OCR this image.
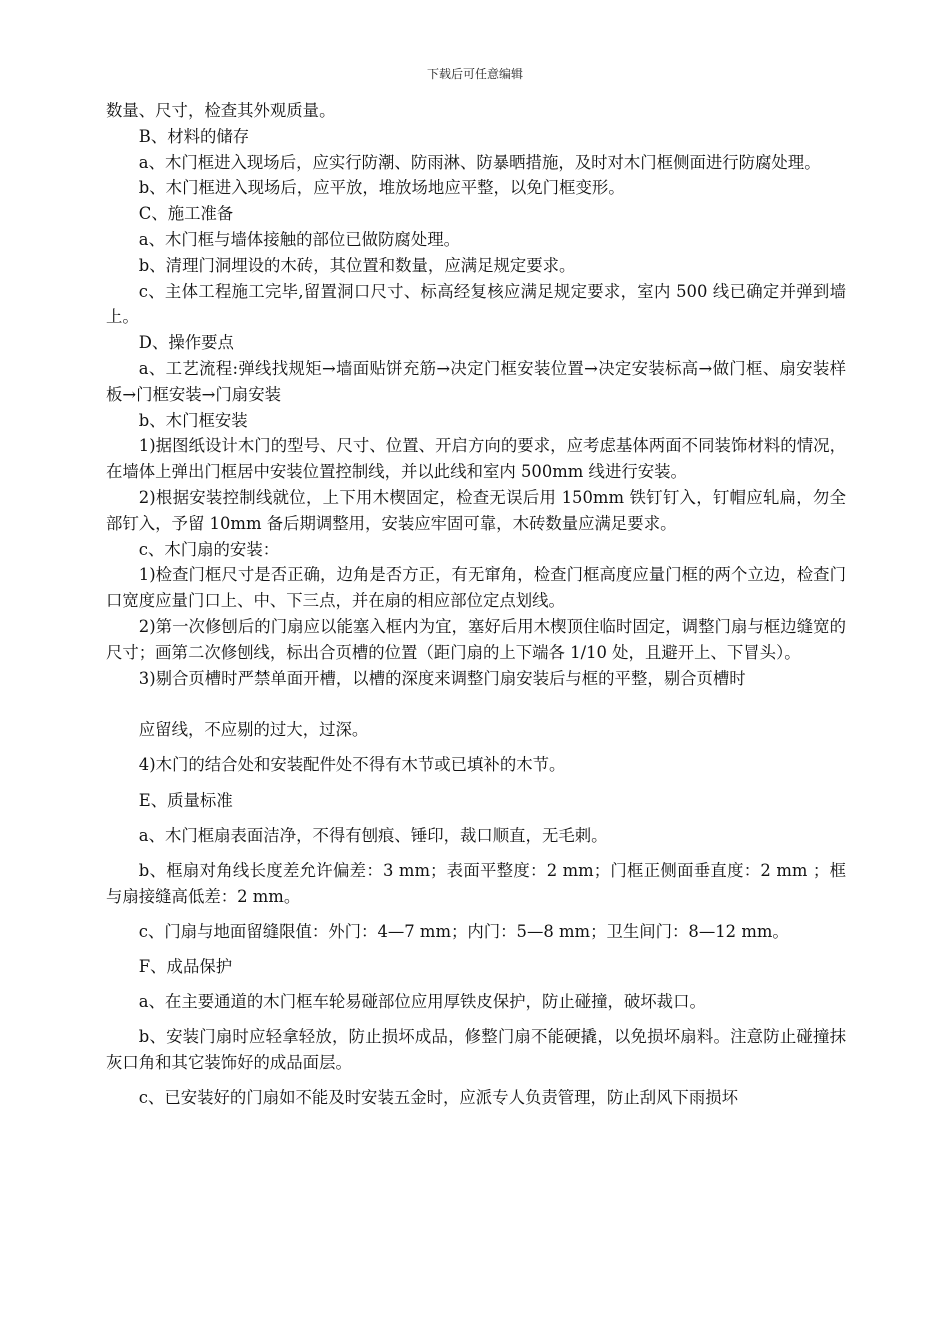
下载后可任意编辑

数量、尺寸，检查其外观质量。

B、材料的储存

a、木门框进入现场后，应实行防潮、防雨淋、防暴晒措施，及时对木门框侧面进行防腐处理。

b、木门框进入现场后，应平放，堆放场地应平整，以免门框变形。

C、施工准备

a、木门框与墙体接触的部位已做防腐处理。

b、清理门洞埋设的木砖，其位置和数量，应满足规定要求。

c、主体工程施工完毕,留置洞口尺寸、标高经复核应满足规定要求，室内 500 线已确定并弹到墙上。

D、操作要点

a、工艺流程:弹线找规矩→墙面贴饼充筋→决定门框安装位置→决定安装标高→做门框、扇安装样板→门框安装→门扇安装

b、木门框安装

1)据图纸设计木门的型号、尺寸、位置、开启方向的要求，应考虑基体两面不同装饰材料的情况，在墙体上弹出门框居中安装位置控制线，并以此线和室内 500mm 线进行安装。

2)根据安装控制线就位，上下用木楔固定，检查无误后用 150mm 铁钉钉入，钉帽应轧扁，勿全部钉入，予留 10mm 备后期调整用，安装应牢固可靠，木砖数量应满足要求。

c、木门扇的安装：

1)检查门框尺寸是否正确，边角是否方正，有无窜角，检查门框高度应量门框的两个立边，检查门口宽度应量门口上、中、下三点，并在扇的相应部位定点划线。

2)第一次修刨后的门扇应以能塞入框内为宜，塞好后用木楔顶住临时固定，调整门扇与框边缝宽的尺寸；画第二次修刨线，标出合页槽的位置（距门扇的上下端各 1/10 处，且避开上、下冒头）。

3)剔合页槽时严禁单面开槽，以槽的深度来调整门扇安装后与框的平整，剔合页槽时

应留线，不应剔的过大，过深。

4)木门的结合处和安装配件处不得有木节或已填补的木节。

E、质量标准

a、木门框扇表面洁净，不得有刨痕、锤印，裁口顺直，无毛刺。

b、框扇对角线长度差允许偏差：3 mm；表面平整度：2 mm；门框正侧面垂直度：2 mm ；框与扇接缝高低差：2 mm。

c、门扇与地面留缝限值：外门：4—7 mm；内门：5—8 mm；卫生间门：8—12 mm。

F、成品保护

a、在主要通道的木门框车轮易碰部位应用厚铁皮保护，防止碰撞，破坏裁口。

b、安装门扇时应轻拿轻放，防止损坏成品，修整门扇不能硬撬，以免损坏扇料。注意防止碰撞抹灰口角和其它装饰好的成品面层。

c、已安装好的门扇如不能及时安装五金时，应派专人负责管理，防止刮风下雨损坏
